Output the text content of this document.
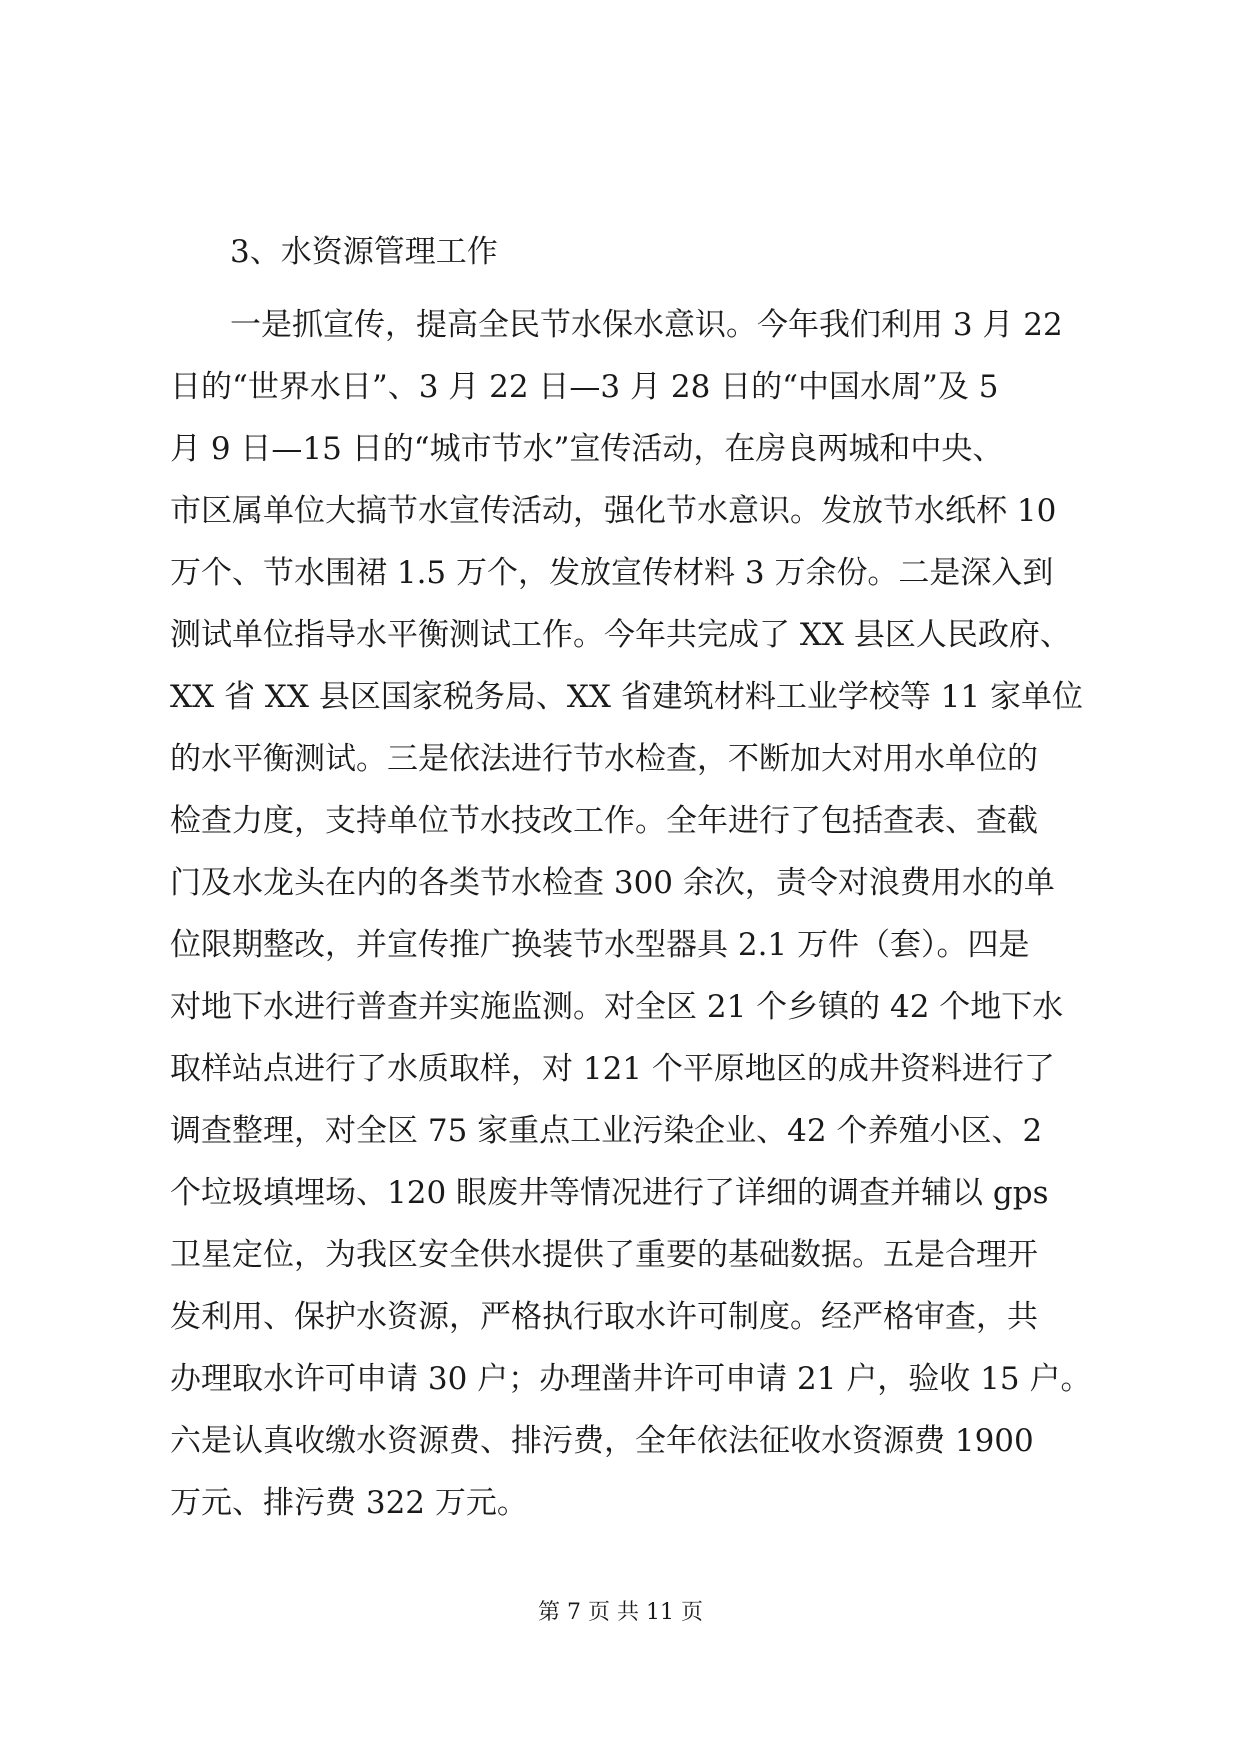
3、水资源管理工作
一是抓宣传，提高全民节水保水意识。今年我们利用 3 月 22
日的“世界水日”、3 月 22 日—3 月 28 日的“中国水周”及 5
月 9 日—15 日的“城市节水”宣传活动，在房良两城和中央、
市区属单位大搞节水宣传活动，强化节水意识。发放节水纸杯 10
万个、节水围裙 1.5 万个，发放宣传材料 3 万余份。二是深入到
测试单位指导水平衡测试工作。今年共完成了 XX 县区人民政府、
XX 省 XX 县区国家税务局、XX 省建筑材料工业学校等 11 家单位
的水平衡测试。三是依法进行节水检查，不断加大对用水单位的
检查力度，支持单位节水技改工作。全年进行了包括查表、查截
门及水龙头在内的各类节水检查 300 余次，责令对浪费用水的单
位限期整改，并宣传推广换装节水型器具 2.1 万件（套）。四是
对地下水进行普查并实施监测。对全区 21 个乡镇的 42 个地下水
取样站点进行了水质取样，对 121 个平原地区的成井资料进行了
调查整理，对全区 75 家重点工业污染企业、42 个养殖小区、2
个垃圾填埋场、120 眼废井等情况进行了详细的调查并辅以 gps
卫星定位，为我区安全供水提供了重要的基础数据。五是合理开
发利用、保护水资源，严格执行取水许可制度。经严格审查，共
办理取水许可申请 30 户；办理凿井许可申请 21 户，验收 15 户。
六是认真收缴水资源费、排污费，全年依法征收水资源费 1900
万元、排污费 322 万元。
第 7 页 共 11 页
